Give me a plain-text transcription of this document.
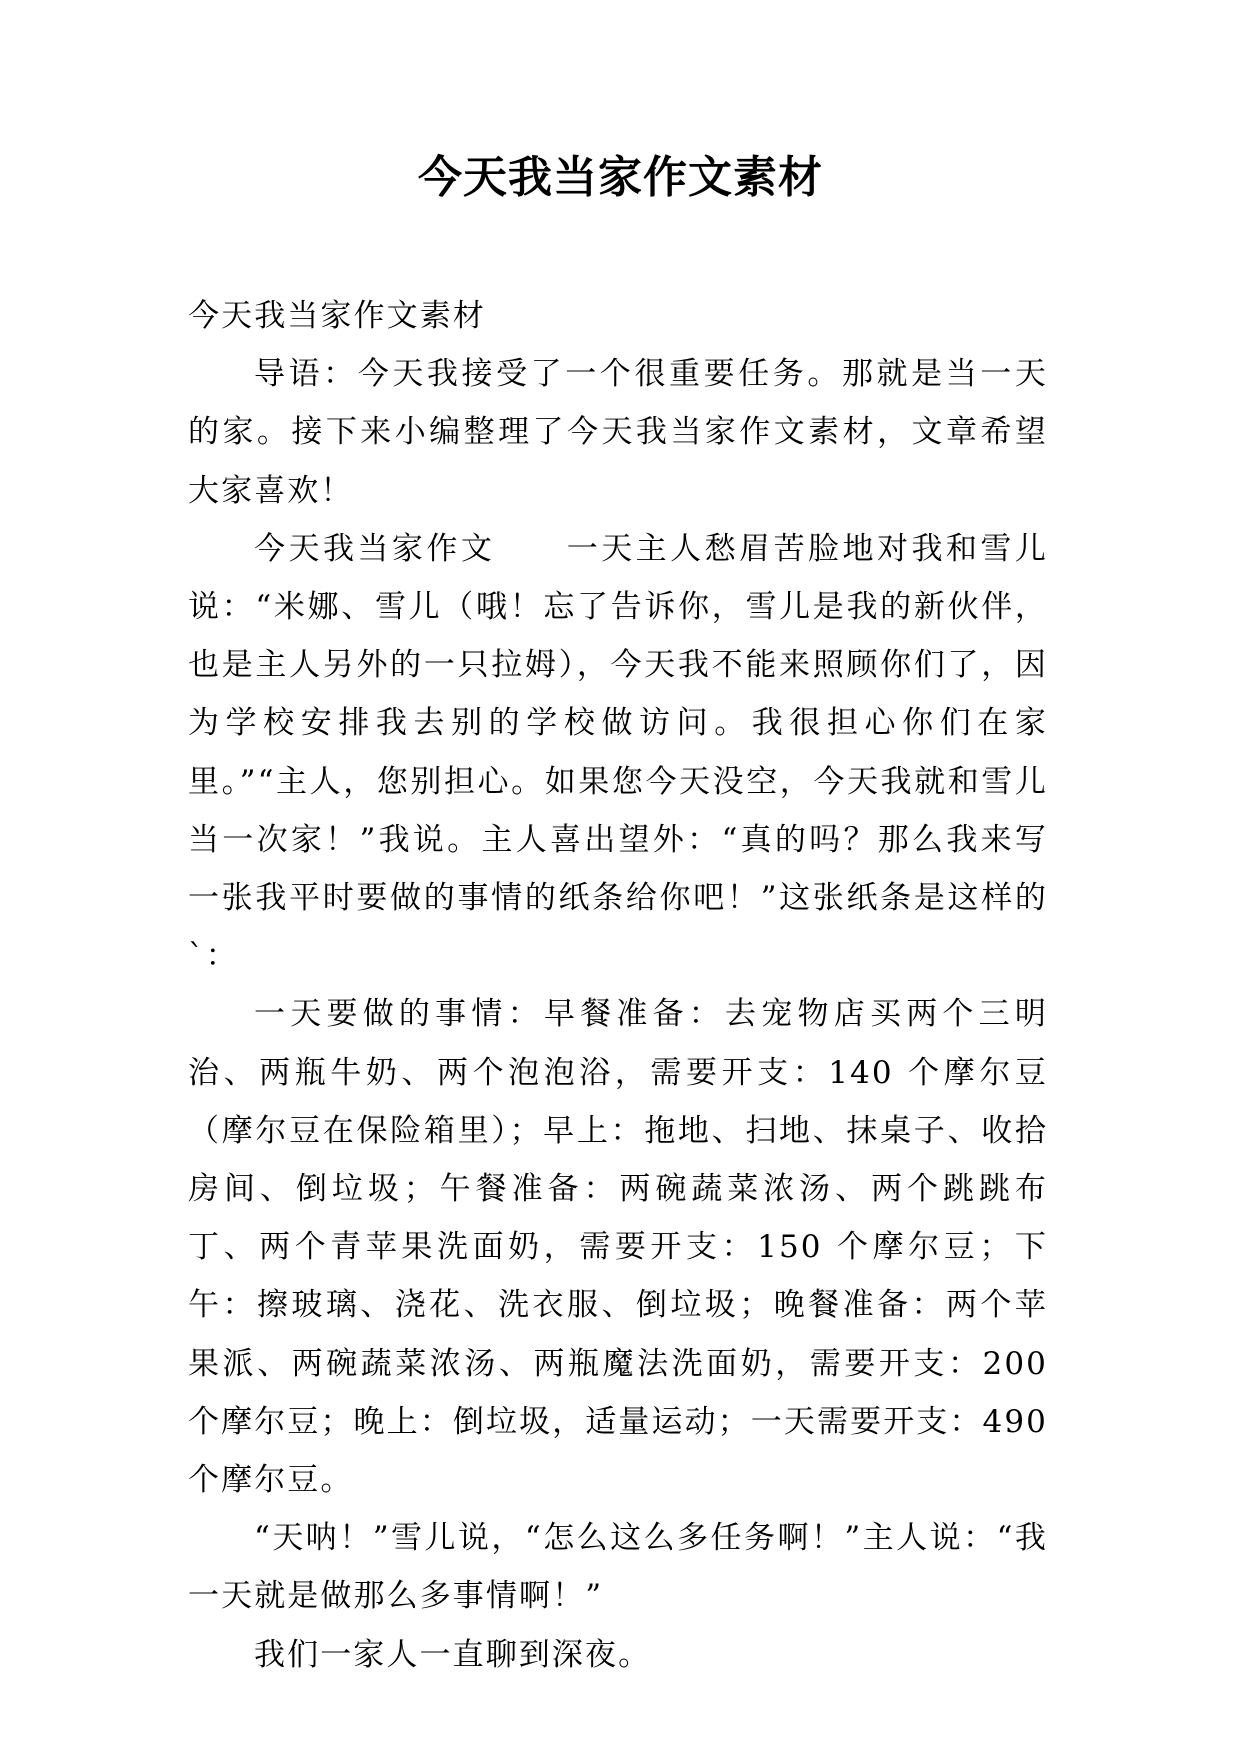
今天我当家作文素材

今天我当家作文素材

导语：今天我接受了一个很重要任务。那就是当一天的家。接下来小编整理了今天我当家作文素材，文章希望大家喜欢！

今天我当家作文 一天主人愁眉苦脸地对我和雪儿说：“米娜、雪儿（哦！忘了告诉你，雪儿是我的新伙伴，也是主人另外的一只拉姆），今天我不能来照顾你们了，因为学校安排我去别的学校做访问。我很担心你们在家里。”“主人，您别担心。如果您今天没空，今天我就和雪儿当一次家！”我说。主人喜出望外：“真的吗？那么我来写一张我平时要做的事情的纸条给你吧！”这张纸条是这样的`：

一天要做的事情：早餐准备：去宠物店买两个三明治、两瓶牛奶、两个泡泡浴，需要开支：140 个摩尔豆（摩尔豆在保险箱里）；早上：拖地、扫地、抹桌子、收拾房间、倒垃圾；午餐准备：两碗蔬菜浓汤、两个跳跳布丁、两个青苹果洗面奶，需要开支：150 个摩尔豆；下午：擦玻璃、浇花、洗衣服、倒垃圾；晚餐准备：两个苹果派、两碗蔬菜浓汤、两瓶魔法洗面奶，需要开支：200 个摩尔豆；晚上：倒垃圾，适量运动；一天需要开支：490 个摩尔豆。

“天呐！”雪儿说，“怎么这么多任务啊！”主人说：“我一天就是做那么多事情啊！”

我们一家人一直聊到深夜。
